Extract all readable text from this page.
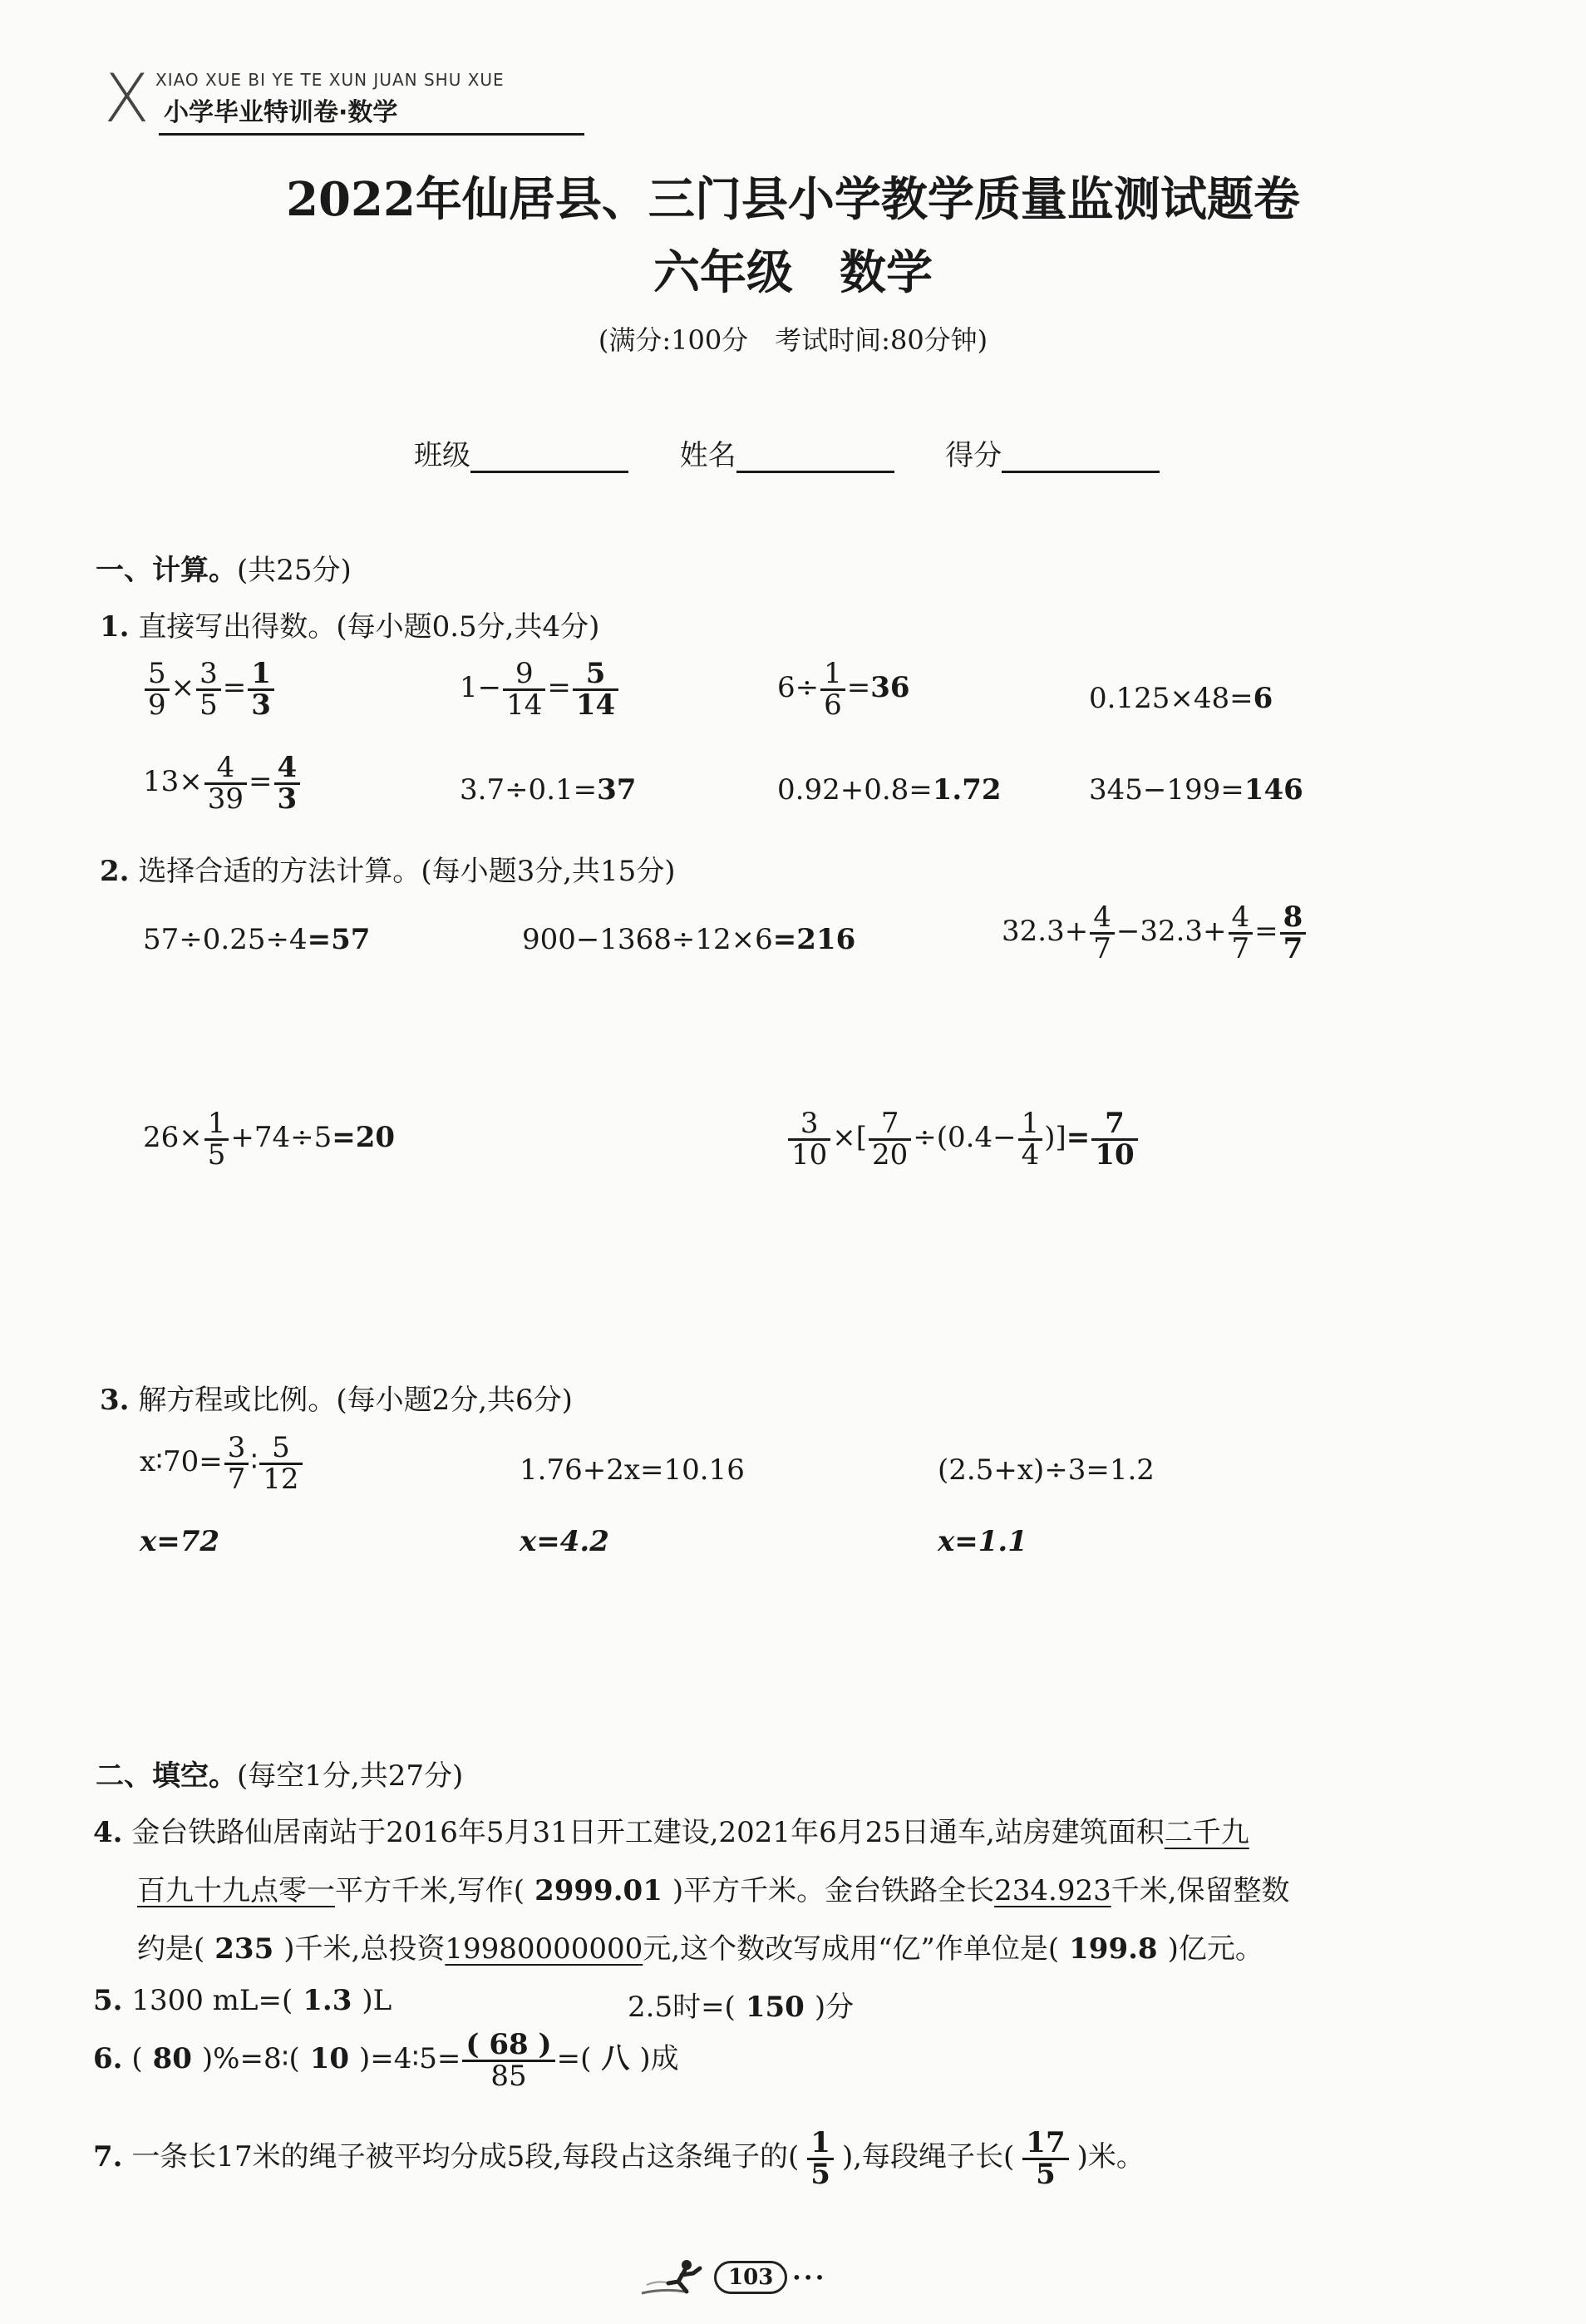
X XIAO XUE BI YE TE XUN JUAN SHU XUE
小学毕业特训卷·数学
2022年仙居县、三门县小学教学质量监测试题卷
六年级　数学
(满分:100分　考试时间:80分钟)
班级	姓名	得分
一、计算。(共25分)
1. 直接写出得数。(每小题0.5分,共4分)
$\frac{5}{9} \times \frac{3}{5} = \frac{1}{3}$	$1- \frac{9}{14} = \frac{5}{14}$	$6\div \frac{1}{6} =36$	0.125×48=6
$13\times \frac{4}{39} = \frac{4}{3}$	3.7÷0.1=37	0.92+0.8=1.72	345−199=146
2. 选择合适的方法计算。(每小题3分,共15分)
57÷0.25÷4=57	900−1368÷12×6=216	$32.3+ \frac{4}{7} -32.3+ \frac{4}{7} = \frac{8}{7}$
$26\times \frac{1}{5} +74\div 5=20$	$\frac{3}{10}$ ×[ $\frac{7}{20} \div(0.4- \frac{1}{4}$ )]= $\frac{7}{10}$
3. 解方程或比例。(每小题2分,共6分)
x∶70= $\frac{3}{7}$ ∶ $\frac{5}{12}$	1.76+2x=10.16	(2.5+x)÷3=1.2
x=72	x=4.2	x=1.1
二、填空。(每空1分,共27分)
4. 金台铁路仙居南站于2016年5月31日开工建设,2021年6月25日通车,站房建筑面积二千九
百九十九点零一平方千米,写作( 2999.01 )平方千米。金台铁路全长234.923千米,保留整数
约是( 235 )千米,总投资19980000000元,这个数改写成用“亿”作单位是( 199.8 )亿元。
5. 1300 mL=( 1.3 )L	2.5时=( 150 )分
6. ( 80 )%=8∶( 10 )=4∶5= $\frac{( 68 )}{85}$ =( 八 )成
7. 一条长17米的绳子被平均分成5段,每段占这条绳子的( $\frac{1}{5}$ ),每段绳子长( $\frac{17}{5}$ )米。
103 •••
